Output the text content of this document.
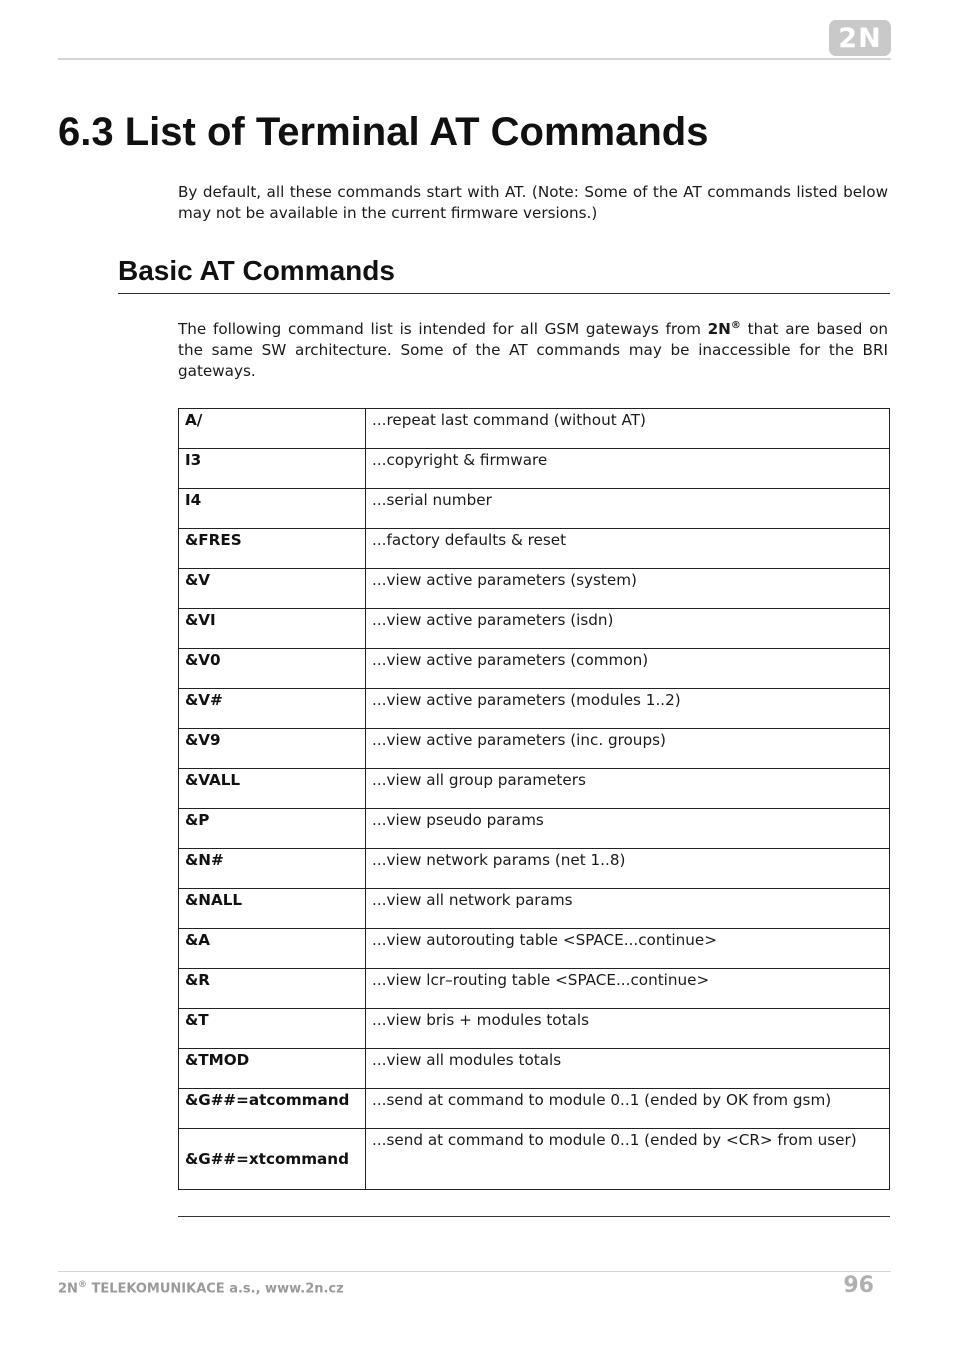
2N
6.3 List of Terminal AT Commands

By default, all these commands start with AT. (Note: Some of the AT commands listed below may not be available in the current firmware versions.)

Basic AT Commands

The following command list is intended for all GSM gateways from 2N® that are based on the same SW architecture. Some of the AT commands may be inaccessible for the BRI gateways.

A/	...repeat last command (without AT)
I3	...copyright & firmware
I4	...serial number
&FRES	...factory defaults & reset
&V	...view active parameters (system)
&VI	...view active parameters (isdn)
&V0	...view active parameters (common)
&V#	...view active parameters (modules 1..2)
&V9	...view active parameters (inc. groups)
&VALL	...view all group parameters
&P	...view pseudo params
&N#	...view network params (net 1..8)
&NALL	...view all network params
&A	...view autorouting table <SPACE...continue>
&R	...view lcr–routing table <SPACE...continue>
&T	...view bris + modules totals
&TMOD	...view all modules totals
&G##=atcommand	...send at command to module 0..1 (ended by OK from gsm)
&G##=xtcommand	...send at command to module 0..1 (ended by <CR> from user)
2N® TELEKOMUNIKACE a.s., www.2n.cz	96
